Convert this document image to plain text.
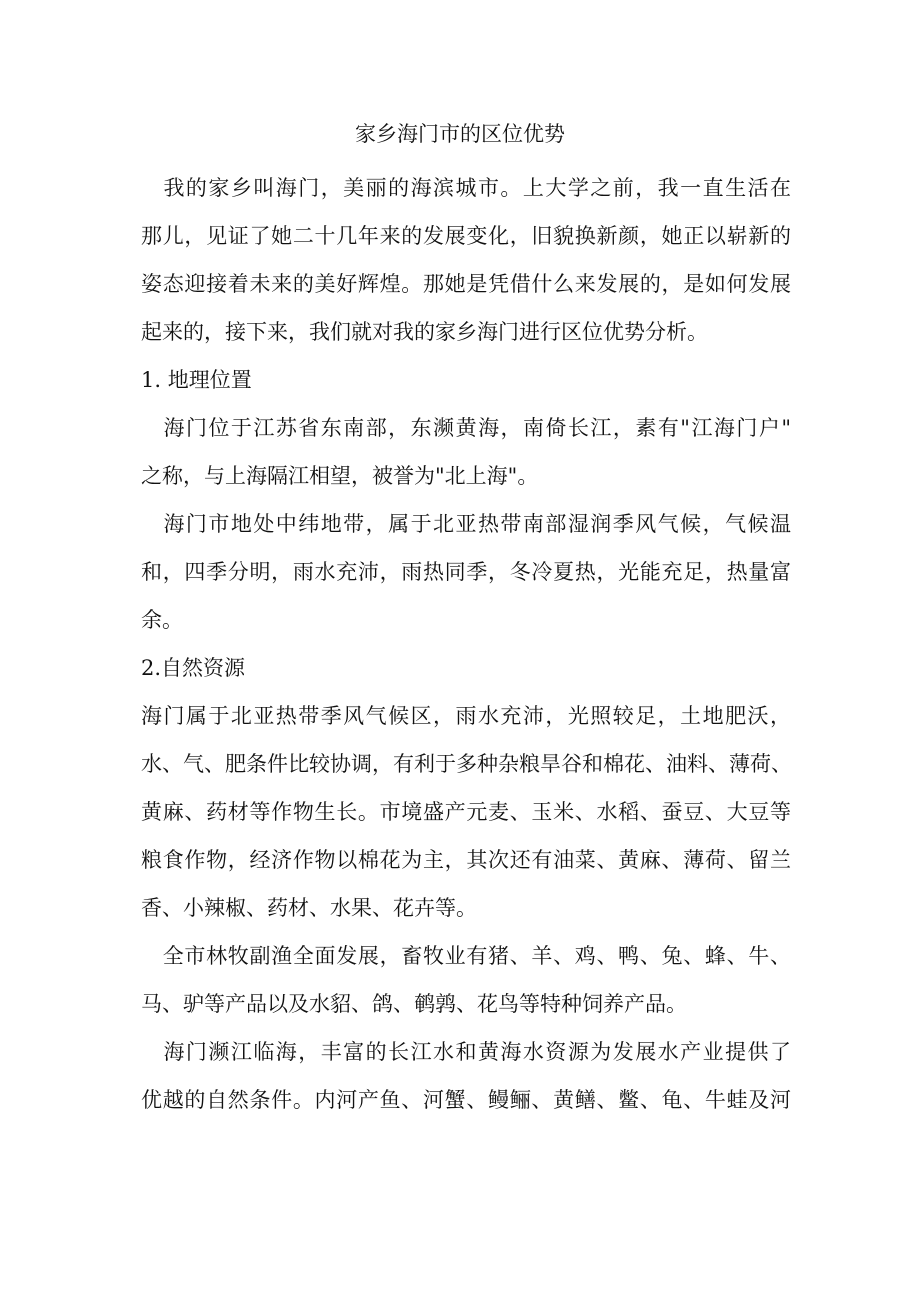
家乡海门市的区位优势
　我的家乡叫海门，美丽的海滨城市。上大学之前，我一直生活在
那儿，见证了她二十几年来的发展变化，旧貌换新颜，她正以崭新的
姿态迎接着未来的美好辉煌。那她是凭借什么来发展的，是如何发展
起来的，接下来，我们就对我的家乡海门进行区位优势分析。
1. 地理位置
　海门位于江苏省东南部，东濒黄海，南倚长江，素有"江海门户"
之称，与上海隔江相望，被誉为"北上海"。
　海门市地处中纬地带，属于北亚热带南部湿润季风气候，气候温
和，四季分明，雨水充沛，雨热同季，冬冷夏热，光能充足，热量富
余。
2.自然资源
海门属于北亚热带季风气候区，雨水充沛，光照较足，土地肥沃，
水、气、肥条件比较协调，有利于多种杂粮旱谷和棉花、油料、薄荷、
黄麻、药材等作物生长。市境盛产元麦、玉米、水稻、蚕豆、大豆等
粮食作物，经济作物以棉花为主，其次还有油菜、黄麻、薄荷、留兰
香、小辣椒、药材、水果、花卉等。
　全市林牧副渔全面发展，畜牧业有猪、羊、鸡、鸭、兔、蜂、牛、
马、驴等产品以及水貂、鸽、鹌鹑、花鸟等特种饲养产品。
　海门濒江临海，丰富的长江水和黄海水资源为发展水产业提供了
优越的自然条件。内河产鱼、河蟹、鳗鲡、黄鳝、鳖、龟、牛蛙及河
